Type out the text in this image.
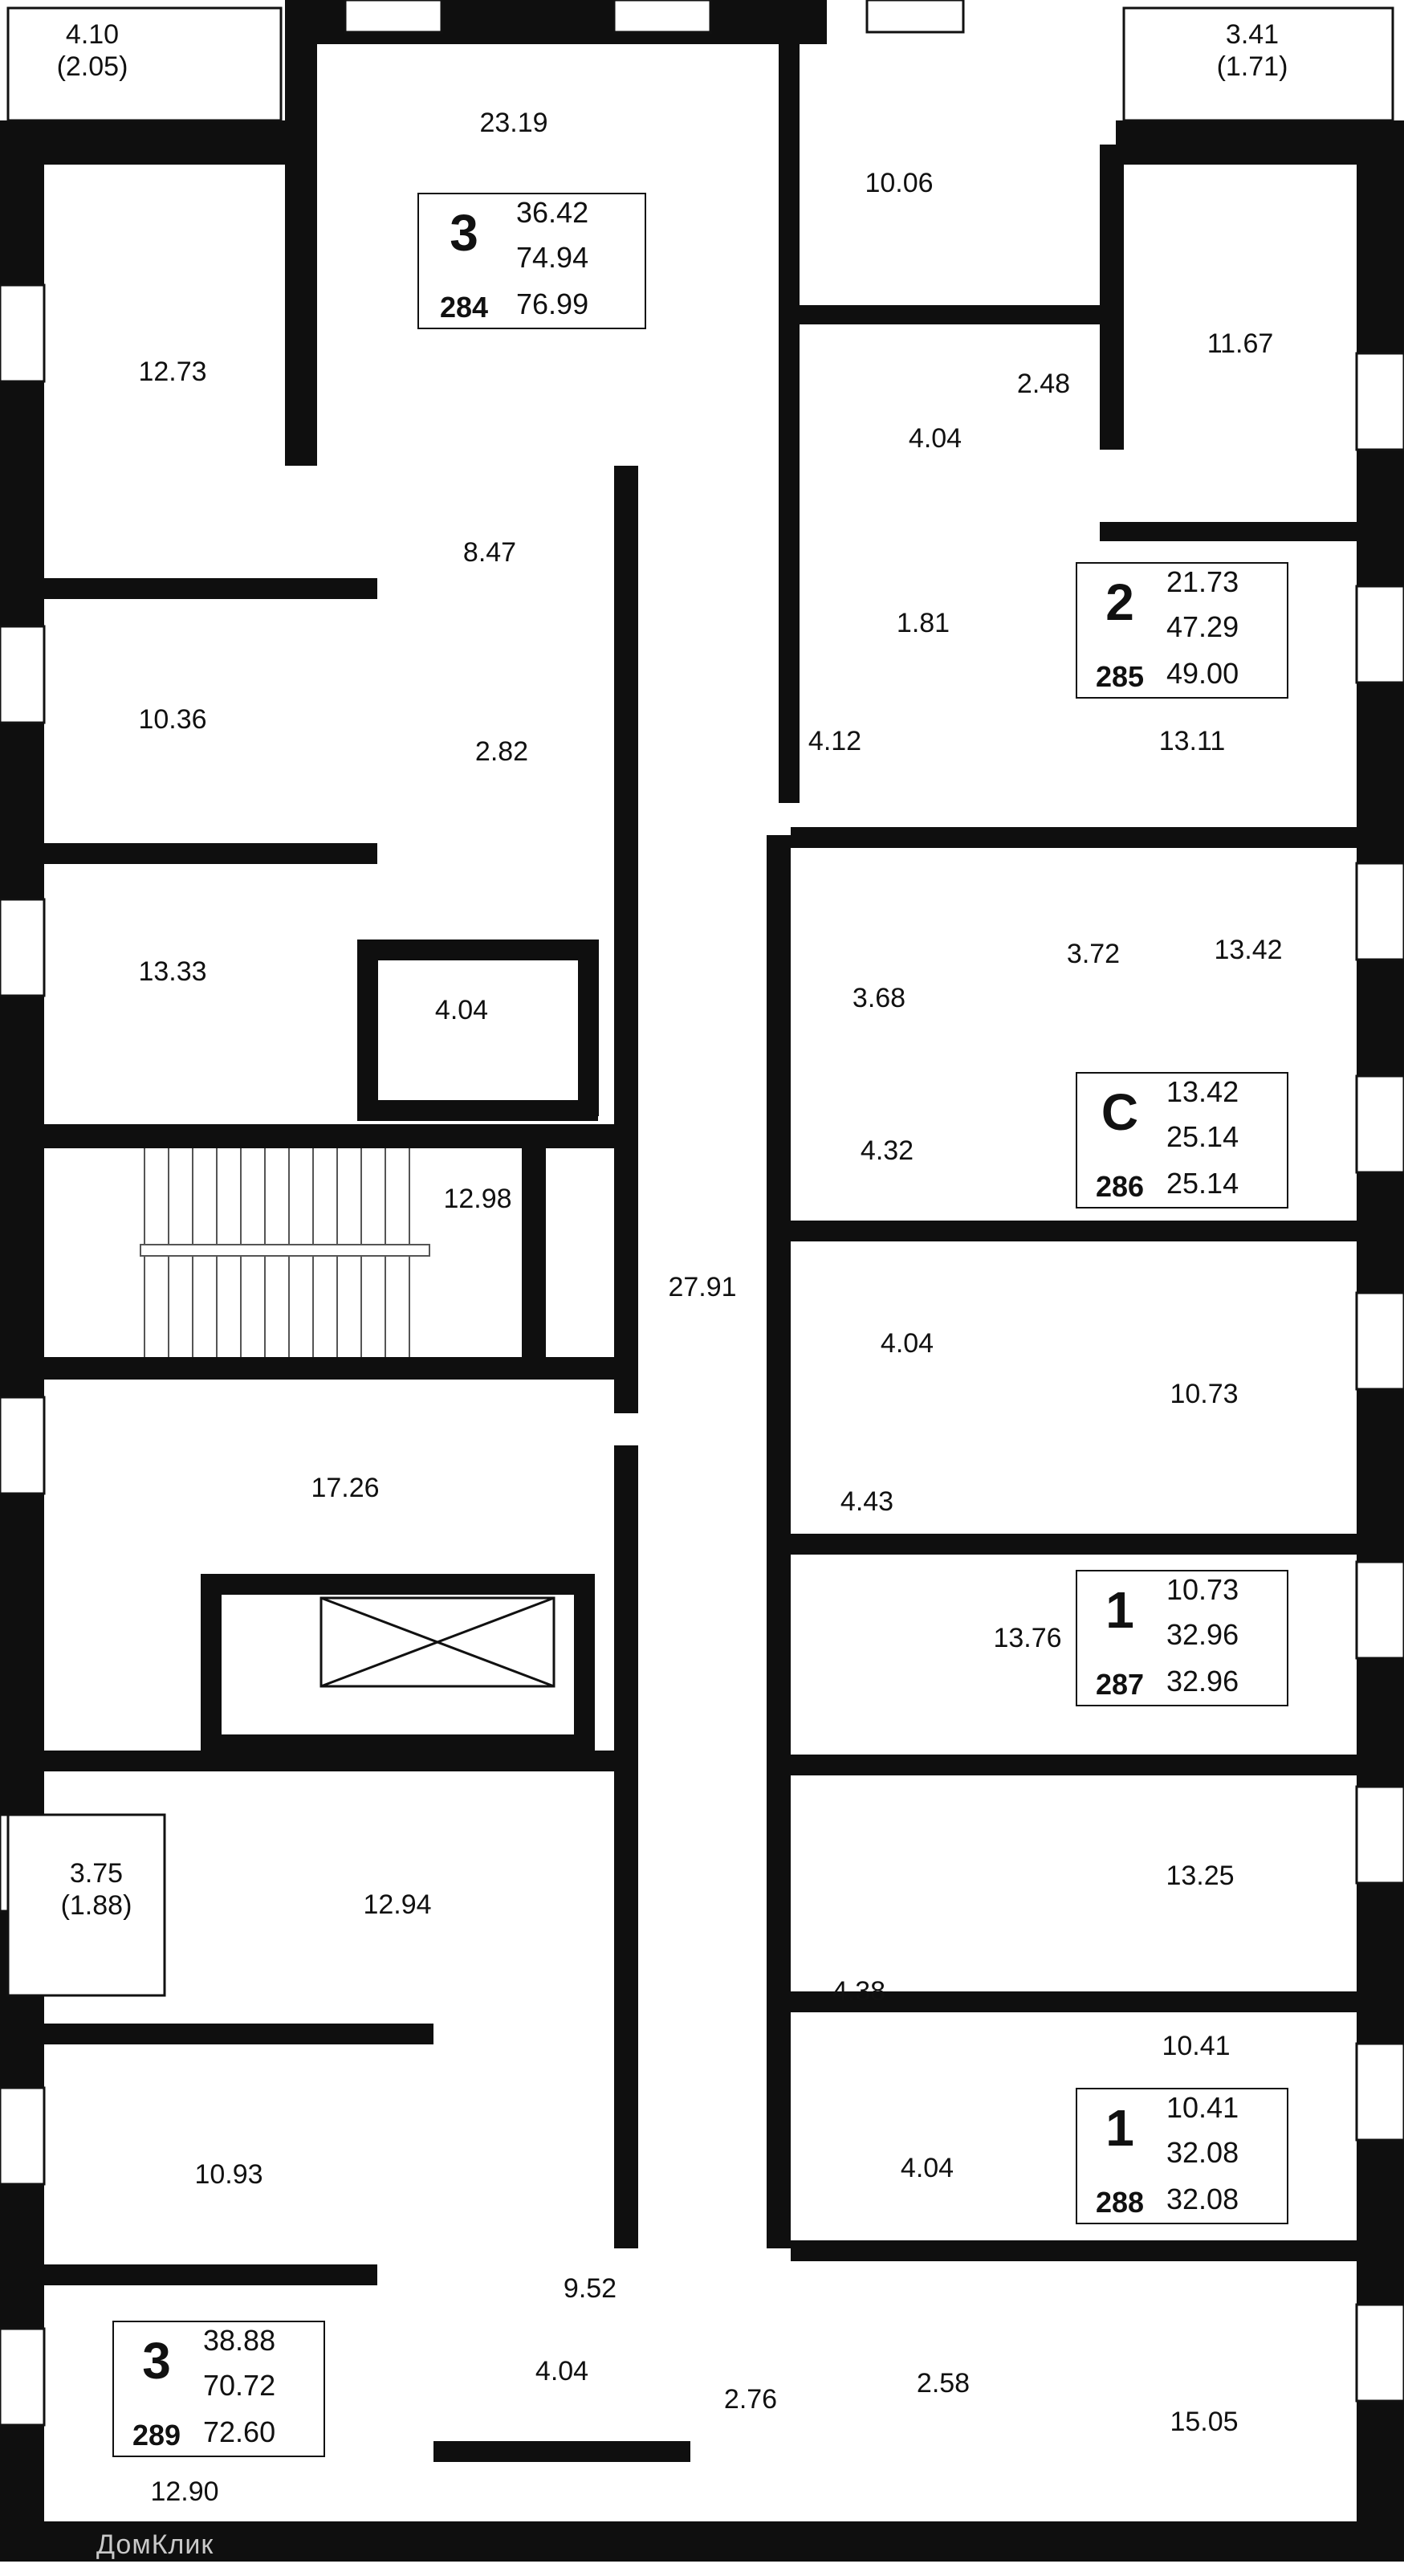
4.10 (2.05)
23.19
12.73
8.47
10.36
2.82
13.33
4.04
12.98
27.91
17.26
10.06
3.41 (1.71)
11.67
2.48
4.04
1.81
4.12	13.11
3.68
3.72	13.42
4.32
4.04
10.73
4.43
13.76
13.25
4.38
10.41
4.04
3.75 (1.88)	12.94
10.93
9.52
4.04
2.76
12.90
2.58
15.05
3
284
36.42
74.94
76.99
2
285
21.73
47.29
49.00
С
286
13.42
25.14
25.14
1
287
10.73
32.96
32.96
1
288
10.41
32.08
32.08
3
289
38.88
70.72
72.60
ДомКлик
